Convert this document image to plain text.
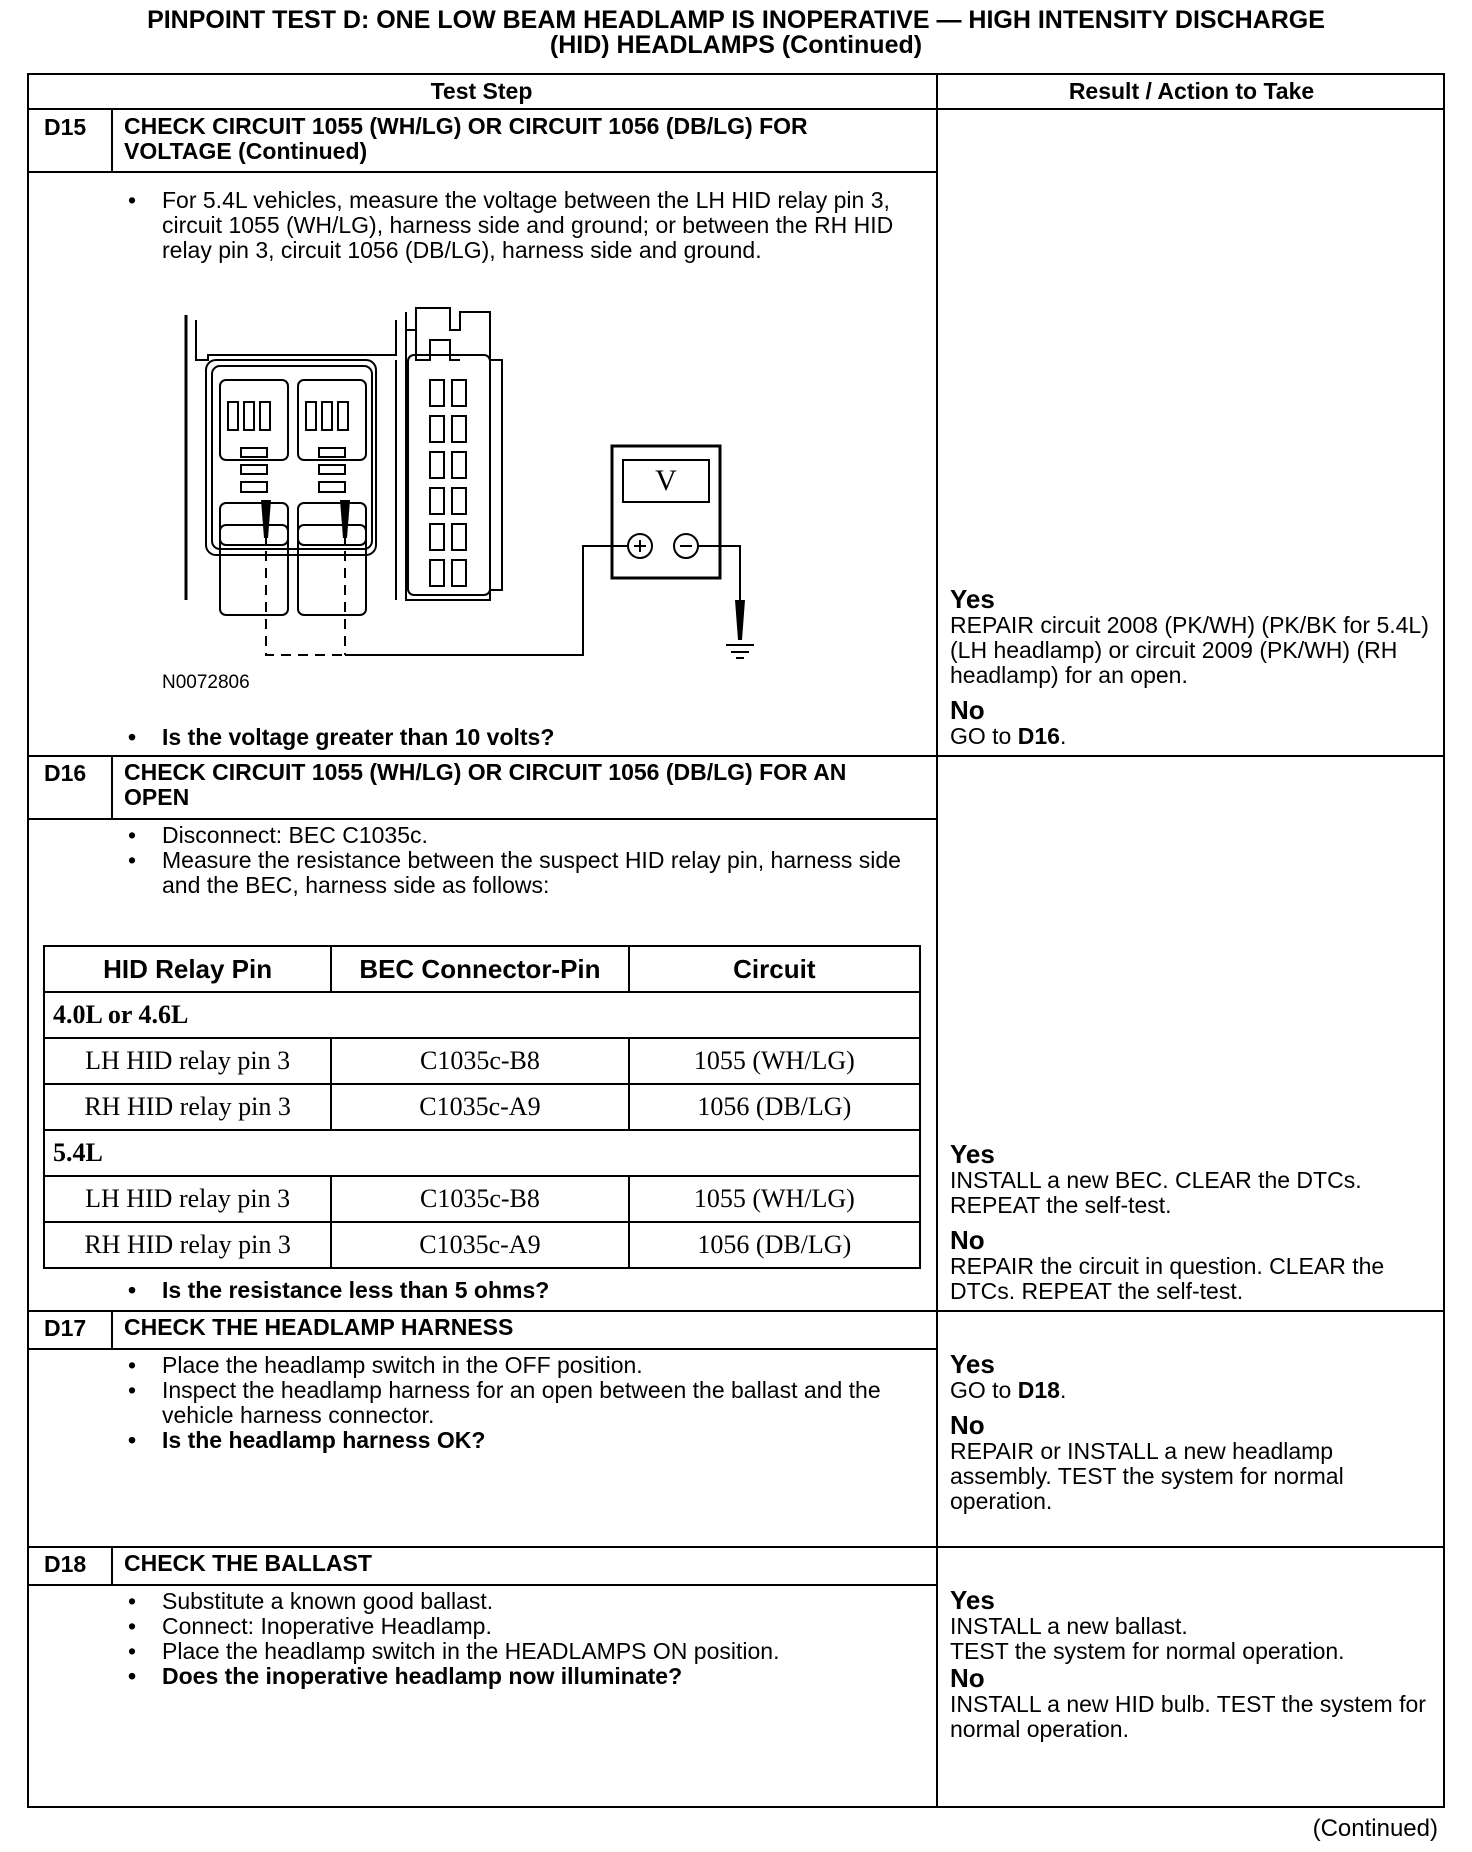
PINPOINT TEST D: ONE LOW BEAM HEADLAMP IS INOPERATIVE — HIGH INTENSITY DISCHARGE
(HID) HEADLAMPS (Continued)
Test Step	Result / Action to Take
D15 CHECK CIRCUIT 1055 (WH/LG) OR CIRCUIT 1056 (DB/LG) FOR VOLTAGE (Continued)
• For 5.4L vehicles, measure the voltage between the LH HID relay pin 3, circuit 1055 (WH/LG), harness side and ground; or between the RH HID relay pin 3, circuit 1056 (DB/LG), harness side and ground.
V
N0072806
• Is the voltage greater than 10 volts?
Yes
REPAIR circuit 2008 (PK/WH) (PK/BK for 5.4L) (LH headlamp) or circuit 2009 (PK/WH) (RH headlamp) for an open.
No
GO to D16.
D16 CHECK CIRCUIT 1055 (WH/LG) OR CIRCUIT 1056 (DB/LG) FOR AN OPEN
• Disconnect: BEC C1035c.
• Measure the resistance between the suspect HID relay pin, harness side and the BEC, harness side as follows:
HID Relay Pin	BEC Connector-Pin	Circuit
4.0L or 4.6L		
LH HID relay pin 3	C1035c-B8	1055 (WH/LG)
RH HID relay pin 3	C1035c-A9	1056 (DB/LG)
5.4L		
LH HID relay pin 3	C1035c-B8	1055 (WH/LG)
RH HID relay pin 3	C1035c-A9	1056 (DB/LG)
• Is the resistance less than 5 ohms?
Yes
INSTALL a new BEC. CLEAR the DTCs. REPEAT the self-test.
No
REPAIR the circuit in question. CLEAR the DTCs. REPEAT the self-test.
D17 CHECK THE HEADLAMP HARNESS
• Place the headlamp switch in the OFF position.
• Inspect the headlamp harness for an open between the ballast and the vehicle harness connector.
• Is the headlamp harness OK?
Yes
GO to D18.
No
REPAIR or INSTALL a new headlamp assembly. TEST the system for normal operation.
D18 CHECK THE BALLAST
• Substitute a known good ballast.
• Connect: Inoperative Headlamp.
• Place the headlamp switch in the HEADLAMPS ON position.
• Does the inoperative headlamp now illuminate?
Yes
INSTALL a new ballast.
TEST the system for normal operation.
No
INSTALL a new HID bulb. TEST the system for normal operation.
(Continued)
